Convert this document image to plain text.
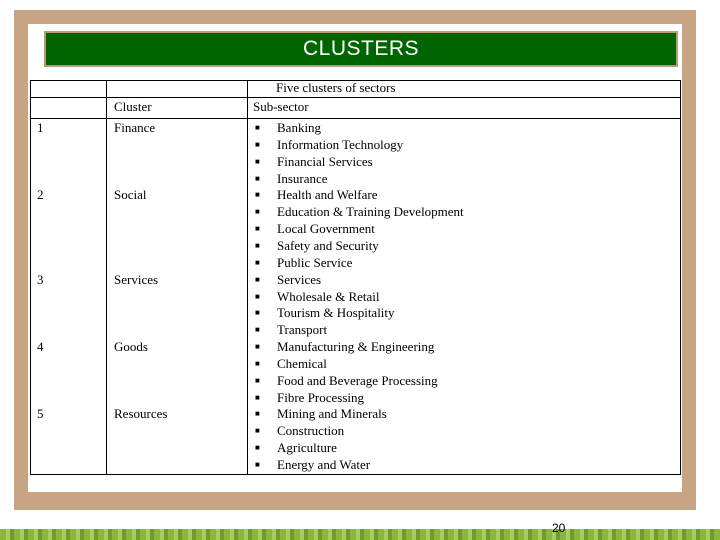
CLUSTERS
Five clusters of sectors
Cluster	Sub-sector
1	Finance	■ Banking
■ Information Technology
■ Financial Services
■ Insurance
2	Social	■ Health and Welfare
■ Education & Training Development
■ Local Government
■ Safety and Security
■ Public Service
3	Services	■ Services
■ Wholesale & Retail
■ Tourism & Hospitality
■ Transport
4	Goods	■ Manufacturing & Engineering
■ Chemical
■ Food and Beverage Processing
■ Fibre Processing
5	Resources	■ Mining and Minerals
■ Construction
■ Agriculture
■ Energy and Water
20
